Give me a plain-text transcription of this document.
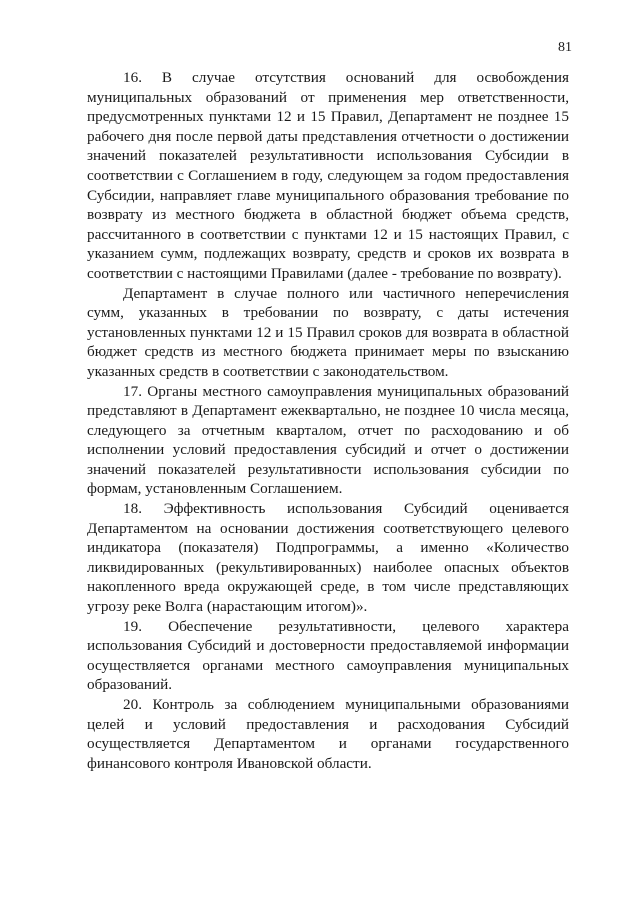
81

16. В случае отсутствия оснований для освобождения муниципальных образований от применения мер ответственности, предусмотренных пунктами 12 и 15 Правил, Департамент не позднее 15 рабочего дня после первой даты представления отчетности о достижении значений показателей результативности использования Субсидии в соответствии с Соглашением в году, следующем за годом предоставления Субсидии, направляет главе муниципального образования требование по возврату из местного бюджета в областной бюджет объема средств, рассчитанного в соответствии с пунктами 12 и 15 настоящих Правил, с указанием сумм, подлежащих возврату, средств и сроков их возврата в соответствии с настоящими Правилами (далее - требование по возврату).

Департамент в случае полного или частичного неперечисления сумм, указанных в требовании по возврату, с даты истечения установленных пунктами 12 и 15 Правил сроков для возврата в областной бюджет средств из местного бюджета принимает меры по взысканию указанных средств в соответствии с законодательством.

17. Органы местного самоуправления муниципальных образований представляют в Департамент ежеквартально, не позднее 10 числа месяца, следующего за отчетным кварталом, отчет по расходованию и об исполнении условий предоставления субсидий и отчет о достижении значений показателей результативности использования субсидии по формам, установленным Соглашением.

18. Эффективность использования Субсидий оценивается Департаментом на основании достижения соответствующего целевого индикатора (показателя) Подпрограммы, а именно «Количество ликвидированных (рекультивированных) наиболее опасных объектов накопленного вреда окружающей среде, в том числе представляющих угрозу реке Волга (нарастающим итогом)».

19. Обеспечение результативности, целевого характера использования Субсидий и достоверности предоставляемой информации осуществляется органами местного самоуправления муниципальных образований.

20. Контроль за соблюдением муниципальными образованиями целей и условий предоставления и расходования Субсидий осуществляется Департаментом и органами государственного финансового контроля Ивановской области.
